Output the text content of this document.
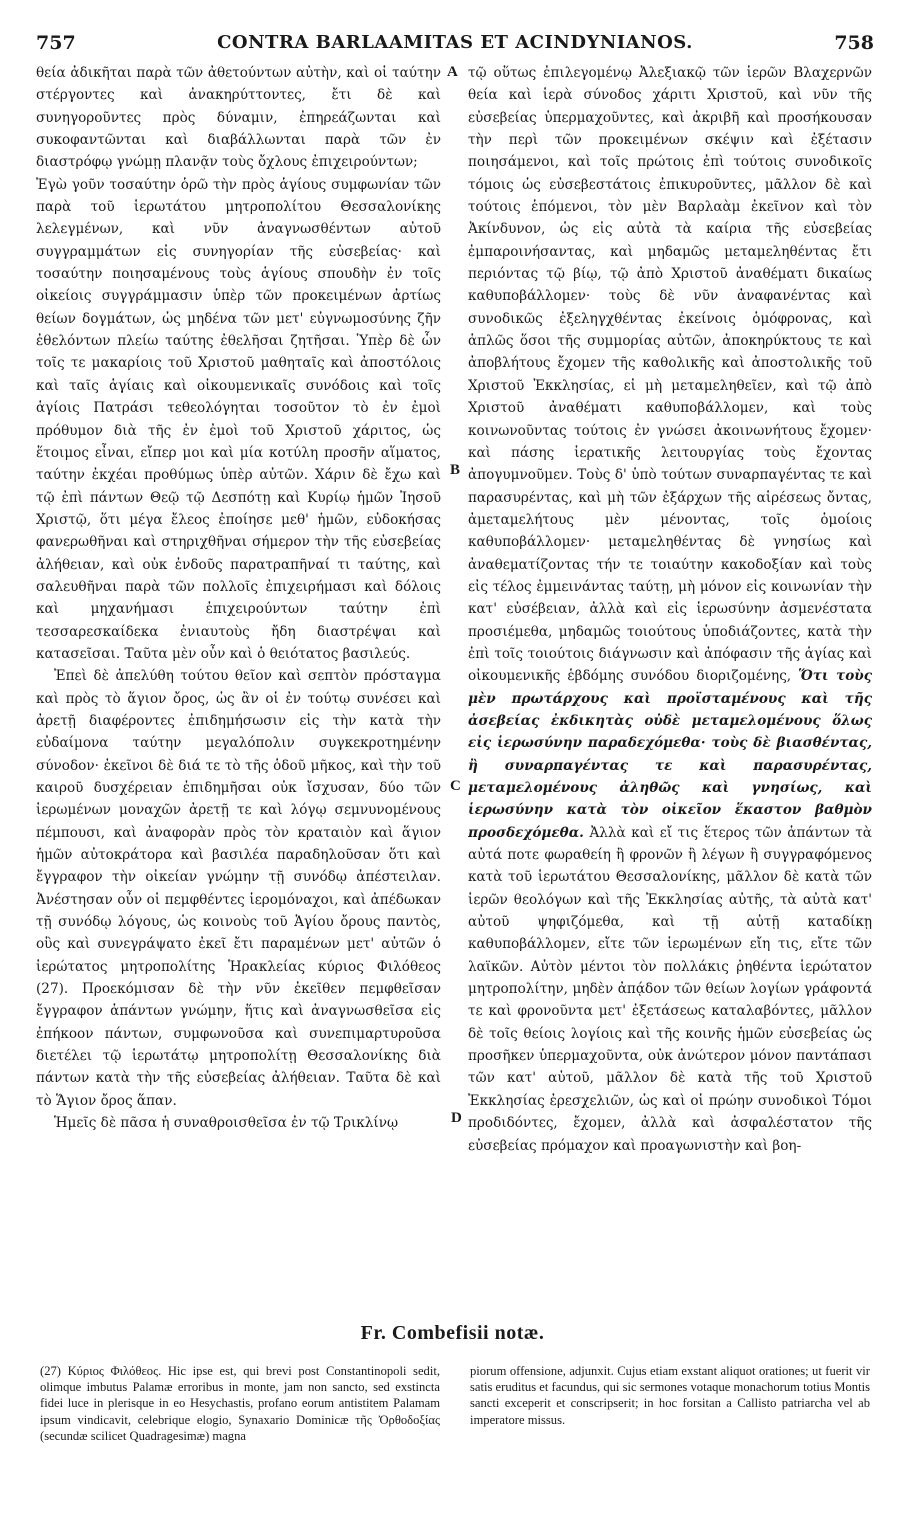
757	CONTRA BARLAAMITAS ET ACINDYNIANOS.	758

θεία ἀδικῆται παρὰ τῶν ἀθετούντων αὐτὴν, καὶ οἱ ταύτην στέργοντες καὶ ἀνακηρύττοντες, ἔτι δὲ καὶ συνηγοροῦντες πρὸς δύναμιν, ἐπηρεάζωνται καὶ συκοφαντῶνται καὶ διαβάλλωνται παρὰ τῶν ἐν διαστρόφῳ γνώμῃ πλανᾷν τοὺς ὄχλους ἐπιχειρούντων;

Ἐγὼ γοῦν τοσαύτην ὁρῶ τὴν πρὸς ἁγίους συμφωνίαν τῶν παρὰ τοῦ ἱερωτάτου μητροπολίτου Θεσσαλονίκης λελεγμένων, καὶ νῦν ἀναγνωσθέντων αὐτοῦ συγγραμμάτων εἰς συνηγορίαν τῆς εὐσεβείας· καὶ τοσαύτην ποιησαμένους τοὺς ἁγίους σπουδὴν ἐν τοῖς οἰκείοις συγγράμμασιν ὑπὲρ τῶν προκειμένων ἀρτίως θείων δογμάτων, ὡς μηδένα τῶν μετ' εὐγνωμοσύνης ζῆν ἐθελόντων πλείω ταύτης ἐθελῆσαι ζητῆσαι. Ὑπὲρ δὲ ὧν τοῖς τε μακαρίοις τοῦ Χριστοῦ μαθηταῖς καὶ ἀποστόλοις καὶ ταῖς ἁγίαις καὶ οἰκουμενικαῖς συνόδοις καὶ τοῖς ἁγίοις Πατράσι τεθεολόγηται τοσοῦτον τὸ ἐν ἐμοὶ πρόθυμον διὰ τῆς ἐν ἐμοὶ τοῦ Χριστοῦ χάριτος, ὡς ἕτοιμος εἶναι, εἴπερ μοι καὶ μία κοτύλη προσῆν αἵματος, ταύτην ἐκχέαι προθύμως ὑπὲρ αὐτῶν. Χάριν δὲ ἔχω καὶ τῷ ἐπὶ πάντων Θεῷ τῷ Δεσπότῃ καὶ Κυρίῳ ἡμῶν Ἰησοῦ Χριστῷ, ὅτι μέγα ἔλεος ἐποίησε μεθ' ἡμῶν, εὐδοκήσας φανερωθῆναι καὶ στηριχθῆναι σήμερον τὴν τῆς εὐσεβείας ἀλήθειαν, καὶ οὐκ ἐνδοῦς παρατραπῆναί τι ταύτης, καὶ σαλευθῆναι παρὰ τῶν πολλοῖς ἐπιχειρήμασι καὶ δόλοις καὶ μηχανήμασι ἐπιχειρούντων ταύτην ἐπὶ τεσσαρεσκαίδεκα ἐνιαυτοὺς ἤδη διαστρέψαι καὶ κατασεῖσαι. Ταῦτα μὲν οὖν καὶ ὁ θειότατος βασιλεύς.

Ἐπεὶ δὲ ἀπελύθη τούτου θεῖον καὶ σεπτὸν πρόσταγμα καὶ πρὸς τὸ ἅγιον ὄρος, ὡς ἂν οἱ ἐν τούτῳ συνέσει καὶ ἀρετῇ διαφέροντες ἐπιδημήσωσιν εἰς τὴν κατὰ τὴν εὐδαίμονα ταύτην μεγαλόπολιν συγκεκροτημένην σύνοδον· ἐκεῖνοι δὲ διά τε τὸ τῆς ὁδοῦ μῆκος, καὶ τὴν τοῦ καιροῦ δυσχέρειαν ἐπιδημῆσαι οὐκ ἴσχυσαν, δύο τῶν ἱερωμένων μοναχῶν ἀρετῇ τε καὶ λόγῳ σεμνυνομένους πέμπουσι, καὶ ἀναφορὰν πρὸς τὸν κραταιὸν καὶ ἅγιον ἡμῶν αὐτοκράτορα καὶ βασιλέα παραδηλοῦσαν ὅτι καὶ ἔγγραφον τὴν οἰκείαν γνώμην τῇ συνόδῳ ἀπέστειλαν. Ἀνέστησαν οὖν οἱ πεμφθέντες ἱερομόναχοι, καὶ ἀπέδωκαν τῇ συνόδῳ λόγους, ὡς κοινοὺς τοῦ Ἁγίου ὄρους παντὸς, οὓς καὶ συνεγράψατο ἐκεῖ ἔτι παραμένων μετ' αὐτῶν ὁ ἱερώτατος μητροπολίτης Ἡρακλείας κύριος Φιλόθεος (27). Προεκόμισαν δὲ τὴν νῦν ἐκεῖθεν πεμφθεῖσαν ἔγγραφον ἁπάντων γνώμην, ἥτις καὶ ἀναγνωσθεῖσα εἰς ἐπήκοον πάντων, συμφωνοῦσα καὶ συνεπιμαρτυροῦσα διετέλει τῷ ἱερωτάτῳ μητροπολίτῃ Θεσσαλονίκης διὰ πάντων κατὰ τὴν τῆς εὐσεβείας ἀλήθειαν. Ταῦτα δὲ καὶ τὸ Ἅγιον ὄρος ἅπαν.

Ἡμεῖς δὲ πᾶσα ἡ συναθροισθεῖσα ἐν τῷ Τρικλίνῳ

A
B
C
D

τῷ οὕτως ἐπιλεγομένῳ Ἀλεξιακῷ τῶν ἱερῶν Βλαχερνῶν θεία καὶ ἱερὰ σύνοδος χάριτι Χριστοῦ, καὶ νῦν τῆς εὐσεβείας ὑπερμαχοῦντες, καὶ ἀκριβῆ καὶ προσήκουσαν τὴν περὶ τῶν προκειμένων σκέψιν καὶ ἐξέτασιν ποιησάμενοι, καὶ τοῖς πρώτοις ἐπὶ τούτοις συνοδικοῖς τόμοις ὡς εὐσεβεστάτοις ἐπικυροῦντες, μᾶλλον δὲ καὶ τούτοις ἑπόμενοι, τὸν μὲν Βαρλαὰμ ἐκεῖνον καὶ τὸν Ἀκίνδυνον, ὡς εἰς αὐτὰ τὰ καίρια τῆς εὐσεβείας ἐμπαροινήσαντας, καὶ μηδαμῶς μεταμεληθέντας ἔτι περιόντας τῷ βίῳ, τῷ ἀπὸ Χριστοῦ ἀναθέματι δικαίως καθυποβάλλομεν· τοὺς δὲ νῦν ἀναφανέντας καὶ συνοδικῶς ἐξεληγχθέντας ἐκείνοις ὁμόφρονας, καὶ ἁπλῶς ὅσοι τῆς συμμορίας αὐτῶν, ἀποκηρύκτους τε καὶ ἀποβλήτους ἔχομεν τῆς καθολικῆς καὶ ἀποστολικῆς τοῦ Χριστοῦ Ἐκκλησίας, εἰ μὴ μεταμεληθεῖεν, καὶ τῷ ἀπὸ Χριστοῦ ἀναθέματι καθυποβάλλομεν, καὶ τοὺς κοινωνοῦντας τούτοις ἐν γνώσει ἀκοινωνήτους ἔχομεν· καὶ πάσης ἱερατικῆς λειτουργίας τοὺς ἔχοντας ἀπογυμνοῦμεν. Τοὺς δ' ὑπὸ τούτων συναρπαγέντας τε καὶ παρασυρέντας, καὶ μὴ τῶν ἐξάρχων τῆς αἱρέσεως ὄντας, ἀμεταμελήτους μὲν μένοντας, τοῖς ὁμοίοις καθυποβάλλομεν· μεταμεληθέντας δὲ γνησίως καὶ ἀναθεματίζοντας τήν τε τοιαύτην κακοδοξίαν καὶ τοὺς εἰς τέλος ἐμμεινάντας ταύτῃ, μὴ μόνον εἰς κοινωνίαν τὴν κατ' εὐσέβειαν, ἀλλὰ καὶ εἰς ἱερωσύνην ἀσμενέστατα προσιέμεθα, μηδαμῶς τοιούτους ὑποδιάζοντες, κατὰ τὴν ἐπὶ τοῖς τοιούτοις διάγνωσιν καὶ ἀπόφασιν τῆς ἁγίας καὶ οἰκουμενικῆς ἑβδόμης συνόδου διοριζομένης, Ὅτι τοὺς μὲν πρωτάρχους καὶ προϊσταμένους καὶ τῆς ἀσεβείας ἐκδικητὰς οὐδὲ μεταμελομένους ὅλως εἰς ἱερωσύνην παραδεχόμεθα· τοὺς δὲ βιασθέντας, ἢ συναρπαγέντας τε καὶ παρασυρέντας, μεταμελομένους ἀληθῶς καὶ γνησίως, καὶ ἱερωσύνην κατὰ τὸν οἰκεῖον ἕκαστον βαθμὸν προσδεχόμεθα. Ἀλλὰ καὶ εἴ τις ἕτερος τῶν ἁπάντων τὰ αὐτά ποτε φωραθείη ἢ φρονῶν ἢ λέγων ἢ συγγραφόμενος κατὰ τοῦ ἱερωτάτου Θεσσαλονίκης, μᾶλλον δὲ κατὰ τῶν ἱερῶν θεολόγων καὶ τῆς Ἐκκλησίας αὐτῆς, τὰ αὐτὰ κατ' αὐτοῦ ψηφιζόμεθα, καὶ τῇ αὐτῇ καταδίκῃ καθυποβάλλομεν, εἴτε τῶν ἱερωμένων εἴη τις, εἴτε τῶν λαϊκῶν. Αὐτὸν μέντοι τὸν πολλάκις ῥηθέντα ἱερώτατον μητροπολίτην, μηδὲν ἀπᾴδον τῶν θείων λογίων γράφοντά τε καὶ φρονοῦντα μετ' ἐξετάσεως καταλαβόντες, μᾶλλον δὲ τοῖς θείοις λογίοις καὶ τῆς κοινῆς ἡμῶν εὐσεβείας ὡς προσῆκεν ὑπερμαχοῦντα, οὐκ ἀνώτερον μόνον παντάπασι τῶν κατ' αὐτοῦ, μᾶλλον δὲ κατὰ τῆς τοῦ Χριστοῦ Ἐκκλησίας ἐρεσχελιῶν, ὡς καὶ οἱ πρώην συνοδικοὶ Τόμοι προδιδόντες, ἔχομεν, ἀλλὰ καὶ ἀσφαλέστατον τῆς εὐσεβείας πρόμαχον καὶ προαγωνιστὴν καὶ βοη-

Fr. Combefisii notæ.

(27) Κύριος Φιλόθεος. Hic ipse est, qui brevi post Constantinopoli sedit, olimque imbutus Palamæ erroribus in monte, jam non sancto, sed exstincta fidei luce in plerisque in eo Hesychastis, profano eorum antistitem Palamam ipsum vindicavit, celebrique elogio, Synaxario Dominicæ τῆς Ὀρθοδοξίας (secundæ scilicet Quadragesimæ) magna

piorum offensione, adjunxit. Cujus etiam exstant aliquot orationes; ut fuerit vir satis eruditus et facundus, qui sic sermones votaque monachorum totius Montis sancti exceperit et conscripserit; in hoc forsitan a Callisto patriarcha vel ab imperatore missus.
